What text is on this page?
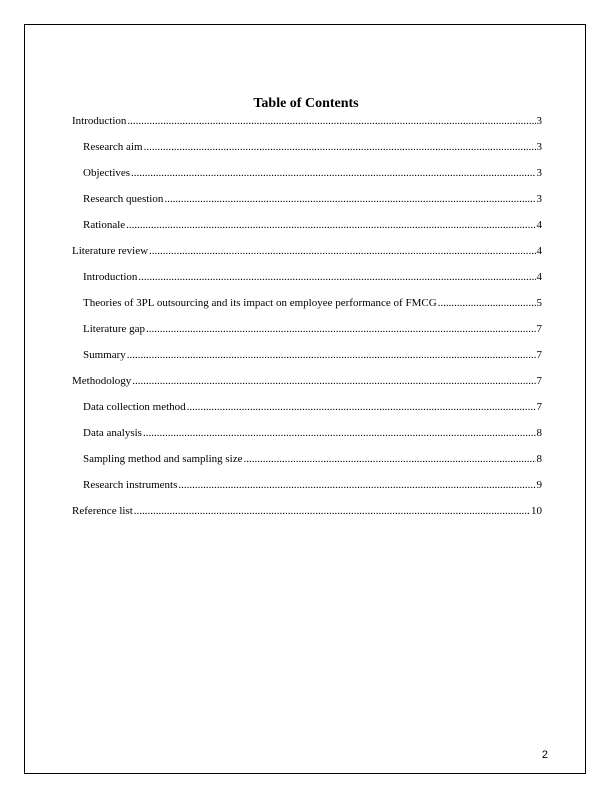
Table of Contents
Introduction .....	3
Research aim .....	3
Objectives .....	3
Research question .....	3
Rationale .....	4
Literature review .....	4
Introduction .....	4
Theories of 3PL outsourcing and its impact on employee performance of FMCG .....	5
Literature gap .....	7
Summary .....	7
Methodology .....	7
Data collection method .....	7
Data analysis .....	8
Sampling method and sampling size .....	8
Research instruments .....	9
Reference list .....	10
2
